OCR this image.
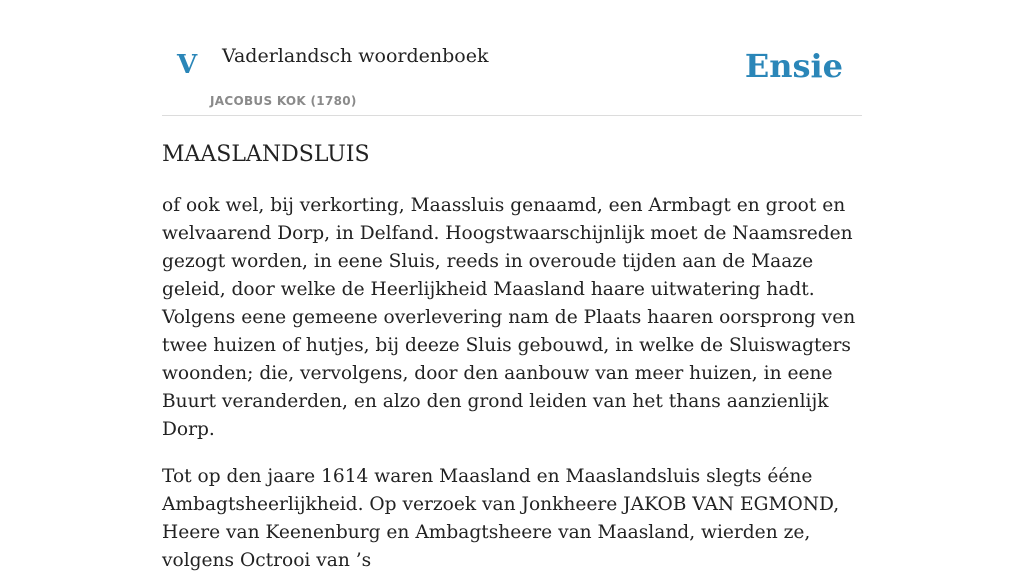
V Vaderlandsch woordenboek
JACOBUS KOK (1780)
Ensie
MAASLANDSLUIS

of ook wel, bij verkorting, Maassluis genaamd, een Armbagt en groot en welvaarend Dorp, in Delfand. Hoogstwaarschijnlijk moet de Naamsreden gezogt worden, in eene Sluis, reeds in overoude tijden aan de Maaze geleid, door welke de Heerlijkheid Maasland haare uitwatering hadt. Volgens eene gemeene overlevering nam de Plaats haaren oorsprong ven twee huizen of hutjes, bij deeze Sluis gebouwd, in welke de Sluiswagters woonden; die, vervolgens, door den aanbouw van meer huizen, in eene Buurt veranderden, en alzo den grond leiden van het thans aanzienlijk Dorp.

Tot op den jaare 1614 waren Maasland en Maaslandsluis slegts ééne Ambagtsheerlijkheid. Op verzoek van Jonkheere JAKOB VAN EGMOND, Heere van Keenenburg en Ambagtsheere van Maasland, wierden ze, volgens Octrooi van ’s
